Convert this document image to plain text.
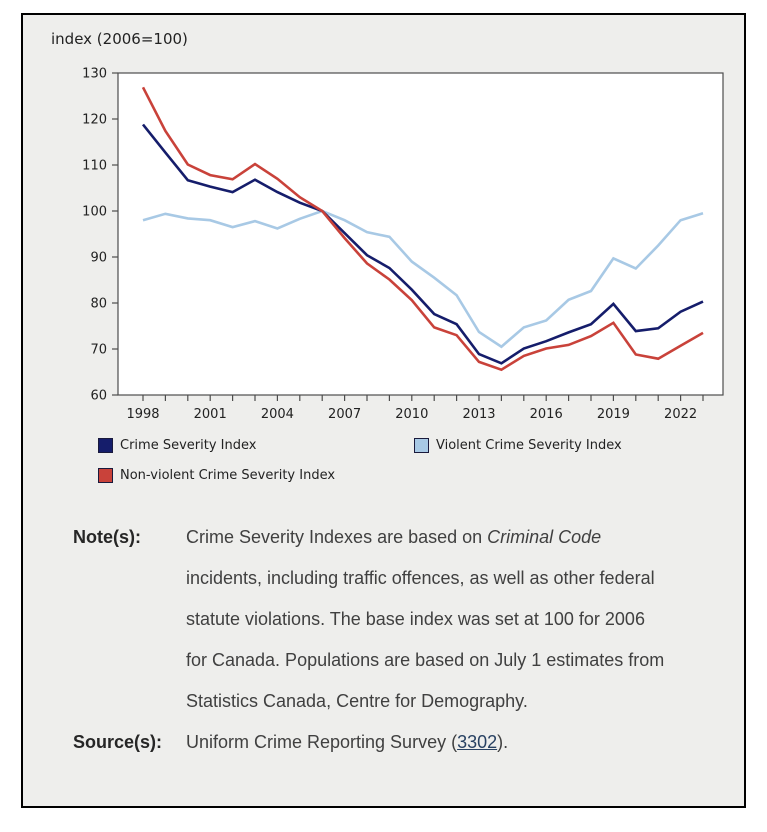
index (2006=100)
60
70
80
90
100
110
120
130
1998	2001	2004	2007	2010	2013	2016	2019	2022
Crime Severity Index	Violent Crime Severity Index
Non-violent Crime Severity Index
Note(s):	Crime Severity Indexes are based on Criminal Code incidents, including traffic offences, as well as other federal statute violations. The base index was set at 100 for 2006 for Canada. Populations are based on July 1 estimates from Statistics Canada, Centre for Demography.
Source(s):	Uniform Crime Reporting Survey (3302).
